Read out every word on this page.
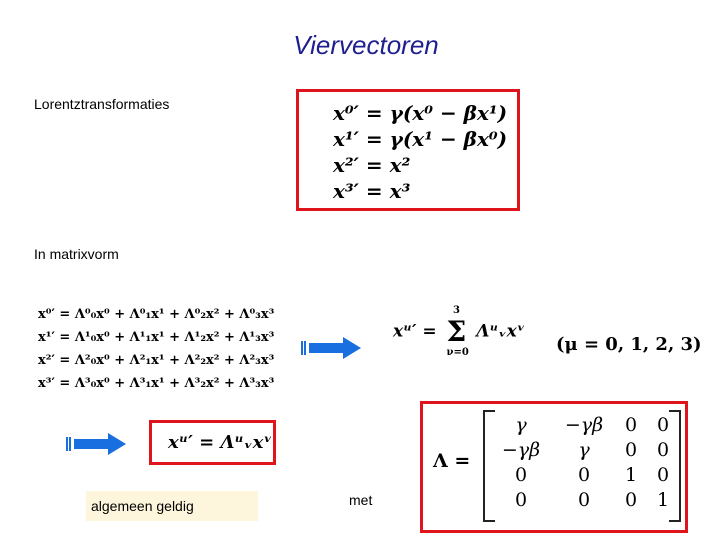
Viervectoren
Lorentztransformaties	x⁰′ = γ(x⁰ − βx¹)
x¹′ = γ(x¹ − βx⁰)
x²′ = x²
x³′ = x³
In matrixvorm
x⁰′ = Λ⁰₀x⁰ + Λ⁰₁x¹ + Λ⁰₂x² + Λ⁰₃x³
x¹′ = Λ¹₀x⁰ + Λ¹₁x¹ + Λ¹₂x² + Λ¹₃x³
x²′ = Λ²₀x⁰ + Λ²₁x¹ + Λ²₂x² + Λ²₃x³
x³′ = Λ³₀x⁰ + Λ³₁x¹ + Λ³₂x² + Λ³₃x³
xᵘ′ = Σ
3
ν=0
Λᵘᵥxᵛ
(μ = 0, 1, 2, 3)
xᵘ′ = Λᵘᵥxᵛ
algemeen geldig	met
Λ =
γ	−γβ	0	0
−γβ	γ	0	0
0	0	1	0
0	0	0	1
